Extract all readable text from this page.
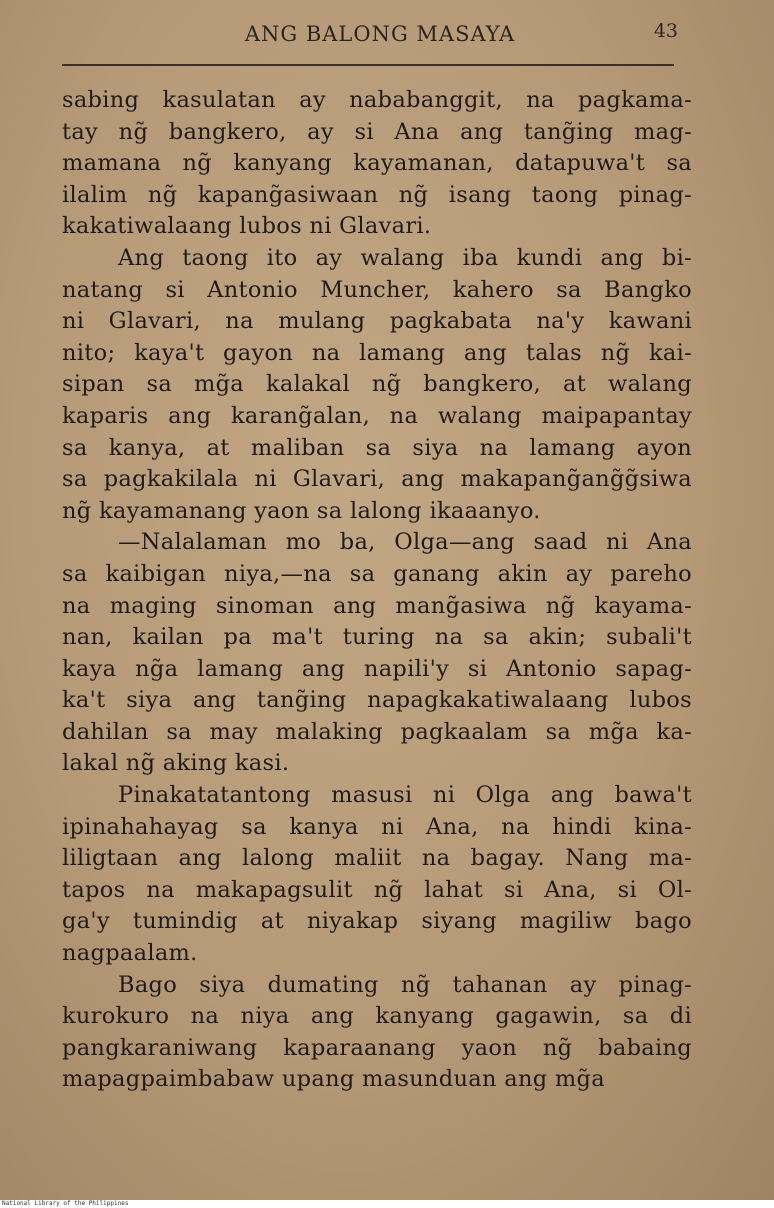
ANG BALONG MASAYA	43
sabing kasulatan ay nababanggit, na pagkama-
tay ng̃ bangkero, ay si Ana ang tang̃ing mag-
mamana ng̃ kanyang kayamanan, datapuwa't sa
ilalim ng̃ kapang̃asiwaan ng̃ isang taong pinag-
kakatiwalaang lubos ni Glavari.
Ang taong ito ay walang iba kundi ang bi-
natang si Antonio Muncher, kahero sa Bangko
ni Glavari, na mulang pagkabata na'y kawani
nito; kaya't gayon na lamang ang talas ng̃ kai-
sipan sa mg̃a kalakal ng̃ bangkero, at walang
kaparis ang karang̃alan, na walang maipapantay
sa kanya, at maliban sa siya na lamang ayon
sa pagkakilala ni Glavari, ang makapang̃ang̃g̃siwa
ng̃ kayamanang yaon sa lalong ikaaanyo.
—Nalalaman mo ba, Olga—ang saad ni Ana
sa kaibigan niya,—na sa ganang akin ay pareho
na maging sinoman ang mang̃asiwa ng̃ kayama-
nan, kailan pa ma't turing na sa akin; subali't
kaya ng̃a lamang ang napili'y si Antonio sapag-
ka't siya ang tang̃ing napagkakatiwalaang lubos
dahilan sa may malaking pagkaalam sa mg̃a ka-
lakal ng̃ aking kasi.
Pinakatatantong masusi ni Olga ang bawa't
ipinahahayag sa kanya ni Ana, na hindi kina-
liligtaan ang lalong maliit na bagay. Nang ma-
tapos na makapagsulit ng̃ lahat si Ana, si Ol-
ga'y tumindig at niyakap siyang magiliw bago
nagpaalam.
Bago siya dumating ng̃ tahanan ay pinag-
kurokuro na niya ang kanyang gagawin, sa di
pangkaraniwang kaparaanang yaon ng̃ babaing
mapagpaimbabaw upang masunduan ang mg̃a
National Library of the Philippines
